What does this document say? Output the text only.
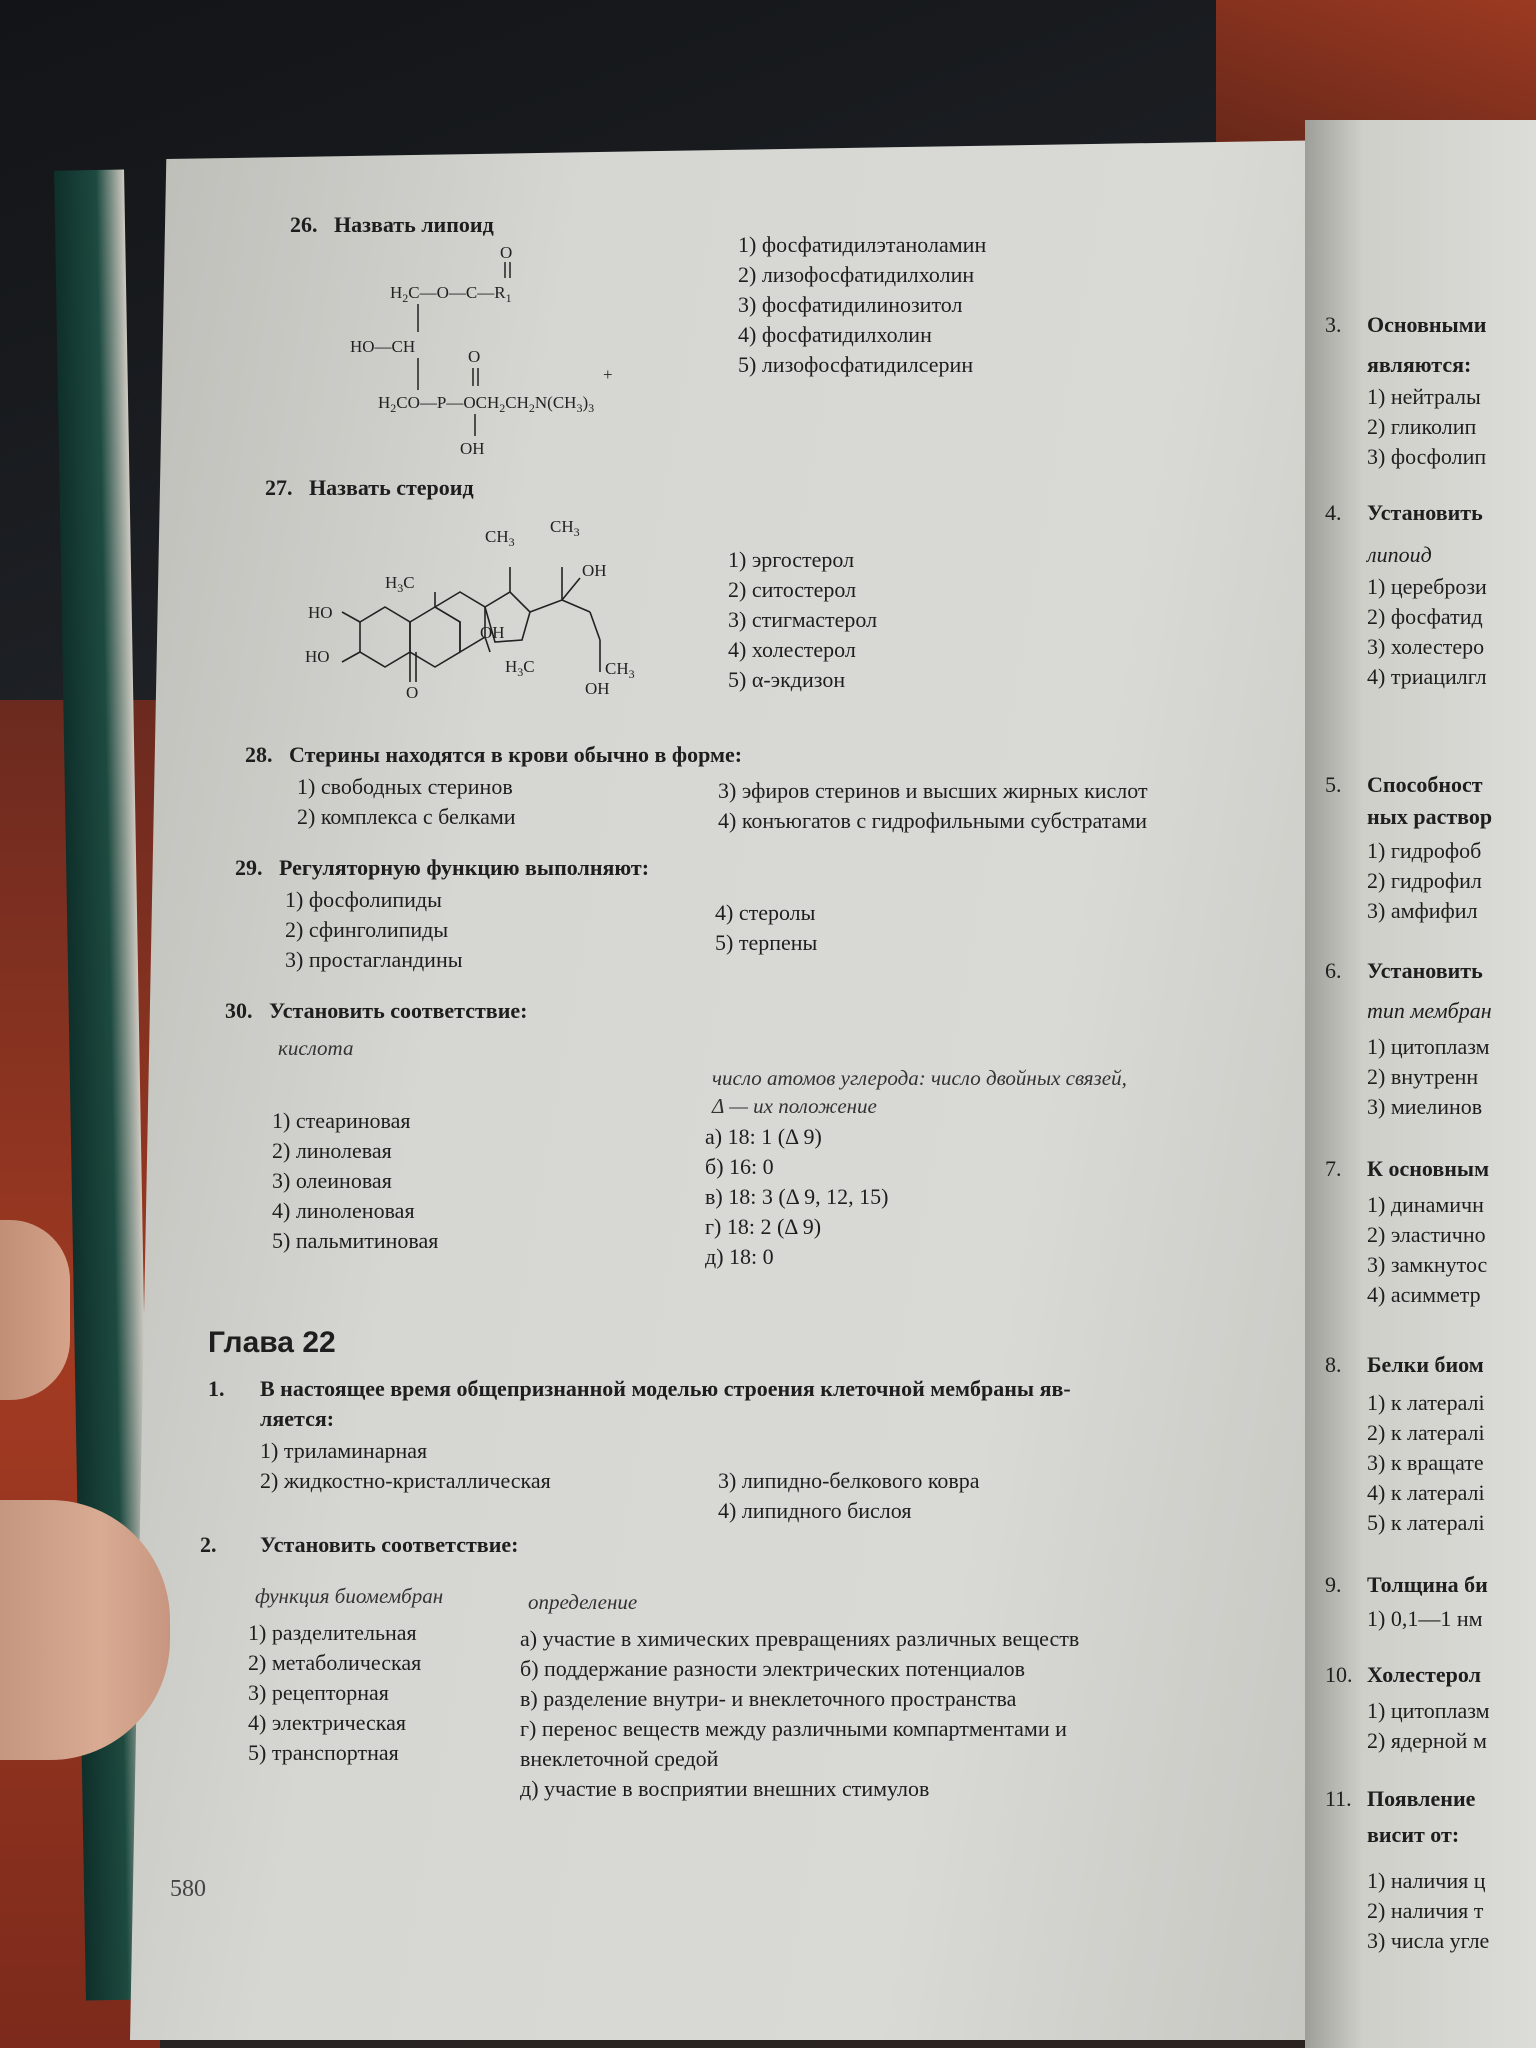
3. Основными
являются:
1) нейтралы
2) гликолип
3) фосфолип
4. Установить
липоид
1) церебрози
2) фосфатид
3) холестеро
4) триацилгл
5. Способност
ных раствор
1) гидрофоб
2) гидрофил
3) амфифил
6. Установить
тип мембран
1) цитоплазм
2) внутренн
3) миелинов
7. К основным
1) динамичн
2) эластично
3) замкнутос
4) асимметр
8. Белки биом
1) к латералі
2) к латералі
3) к вращате
4) к латералі
5) к латералі
9. Толщина би
1) 0,1—1 нм
10. Холестерол
1) цитоплазм
2) ядерной м
11. Появление
висит от:
1) наличия ц
2) наличия т
3) числа угле
26. Назвать липоид
O
$H_2C—O—C—R_1$
HO—CH
O
$H_2CO—P—OCH_2CH_2N(CH_3)_3$
+
OH
1) фосфатидилэтаноламин
2) лизофосфатидилхолин
3) фосфатидилинозитол
4) фосфатидилхолин
5) лизофосфатидилсерин
27. Назвать стероид
$CH_3$
$CH_3$
OH
$H_3C$
HO
HO
OH
$H_3C$	$CH_3$
OH
O
1) эргостерол
2) ситостерол
3) стигмастерол
4) холестерол
5) α-экдизон
28. Стерины находятся в крови обычно в форме:
1) свободных стеринов
2) комплекса с белками
3) эфиров стеринов и высших жирных кислот
4) конъюгатов с гидрофильными субстратами
29. Регуляторную функцию выполняют:
1) фосфолипиды
2) сфинголипиды
3) простагландины
4) стеролы
5) терпены
30. Установить соответствие:
кислота
число атомов углерода: число двойных связей,
Δ — их положение
1) стеариновая
2) линолевая
3) олеиновая
4) линоленовая
5) пальмитиновая
а) 18: 1 (Δ 9)
б) 16: 0
в) 18: 3 (Δ 9, 12, 15)
г) 18: 2 (Δ 9)
д) 18: 0
Глава 22
1. В настоящее время общепризнанной моделью строения клеточной мембраны яв-
ляется:
1) триламинарная
2) жидкостно-кристаллическая	3) липидно-белкового ковра
4) липидного бислоя
2. Установить соответствие:
функция биомембран	определение
1) разделительная
2) метаболическая
3) рецепторная
4) электрическая
5) транспортная
а) участие в химических превращениях различных веществ
б) поддержание разности электрических потенциалов
в) разделение внутри- и внеклеточного пространства
г) перенос веществ между различными компартментами и
внеклеточной средой
д) участие в восприятии внешних стимулов
580
